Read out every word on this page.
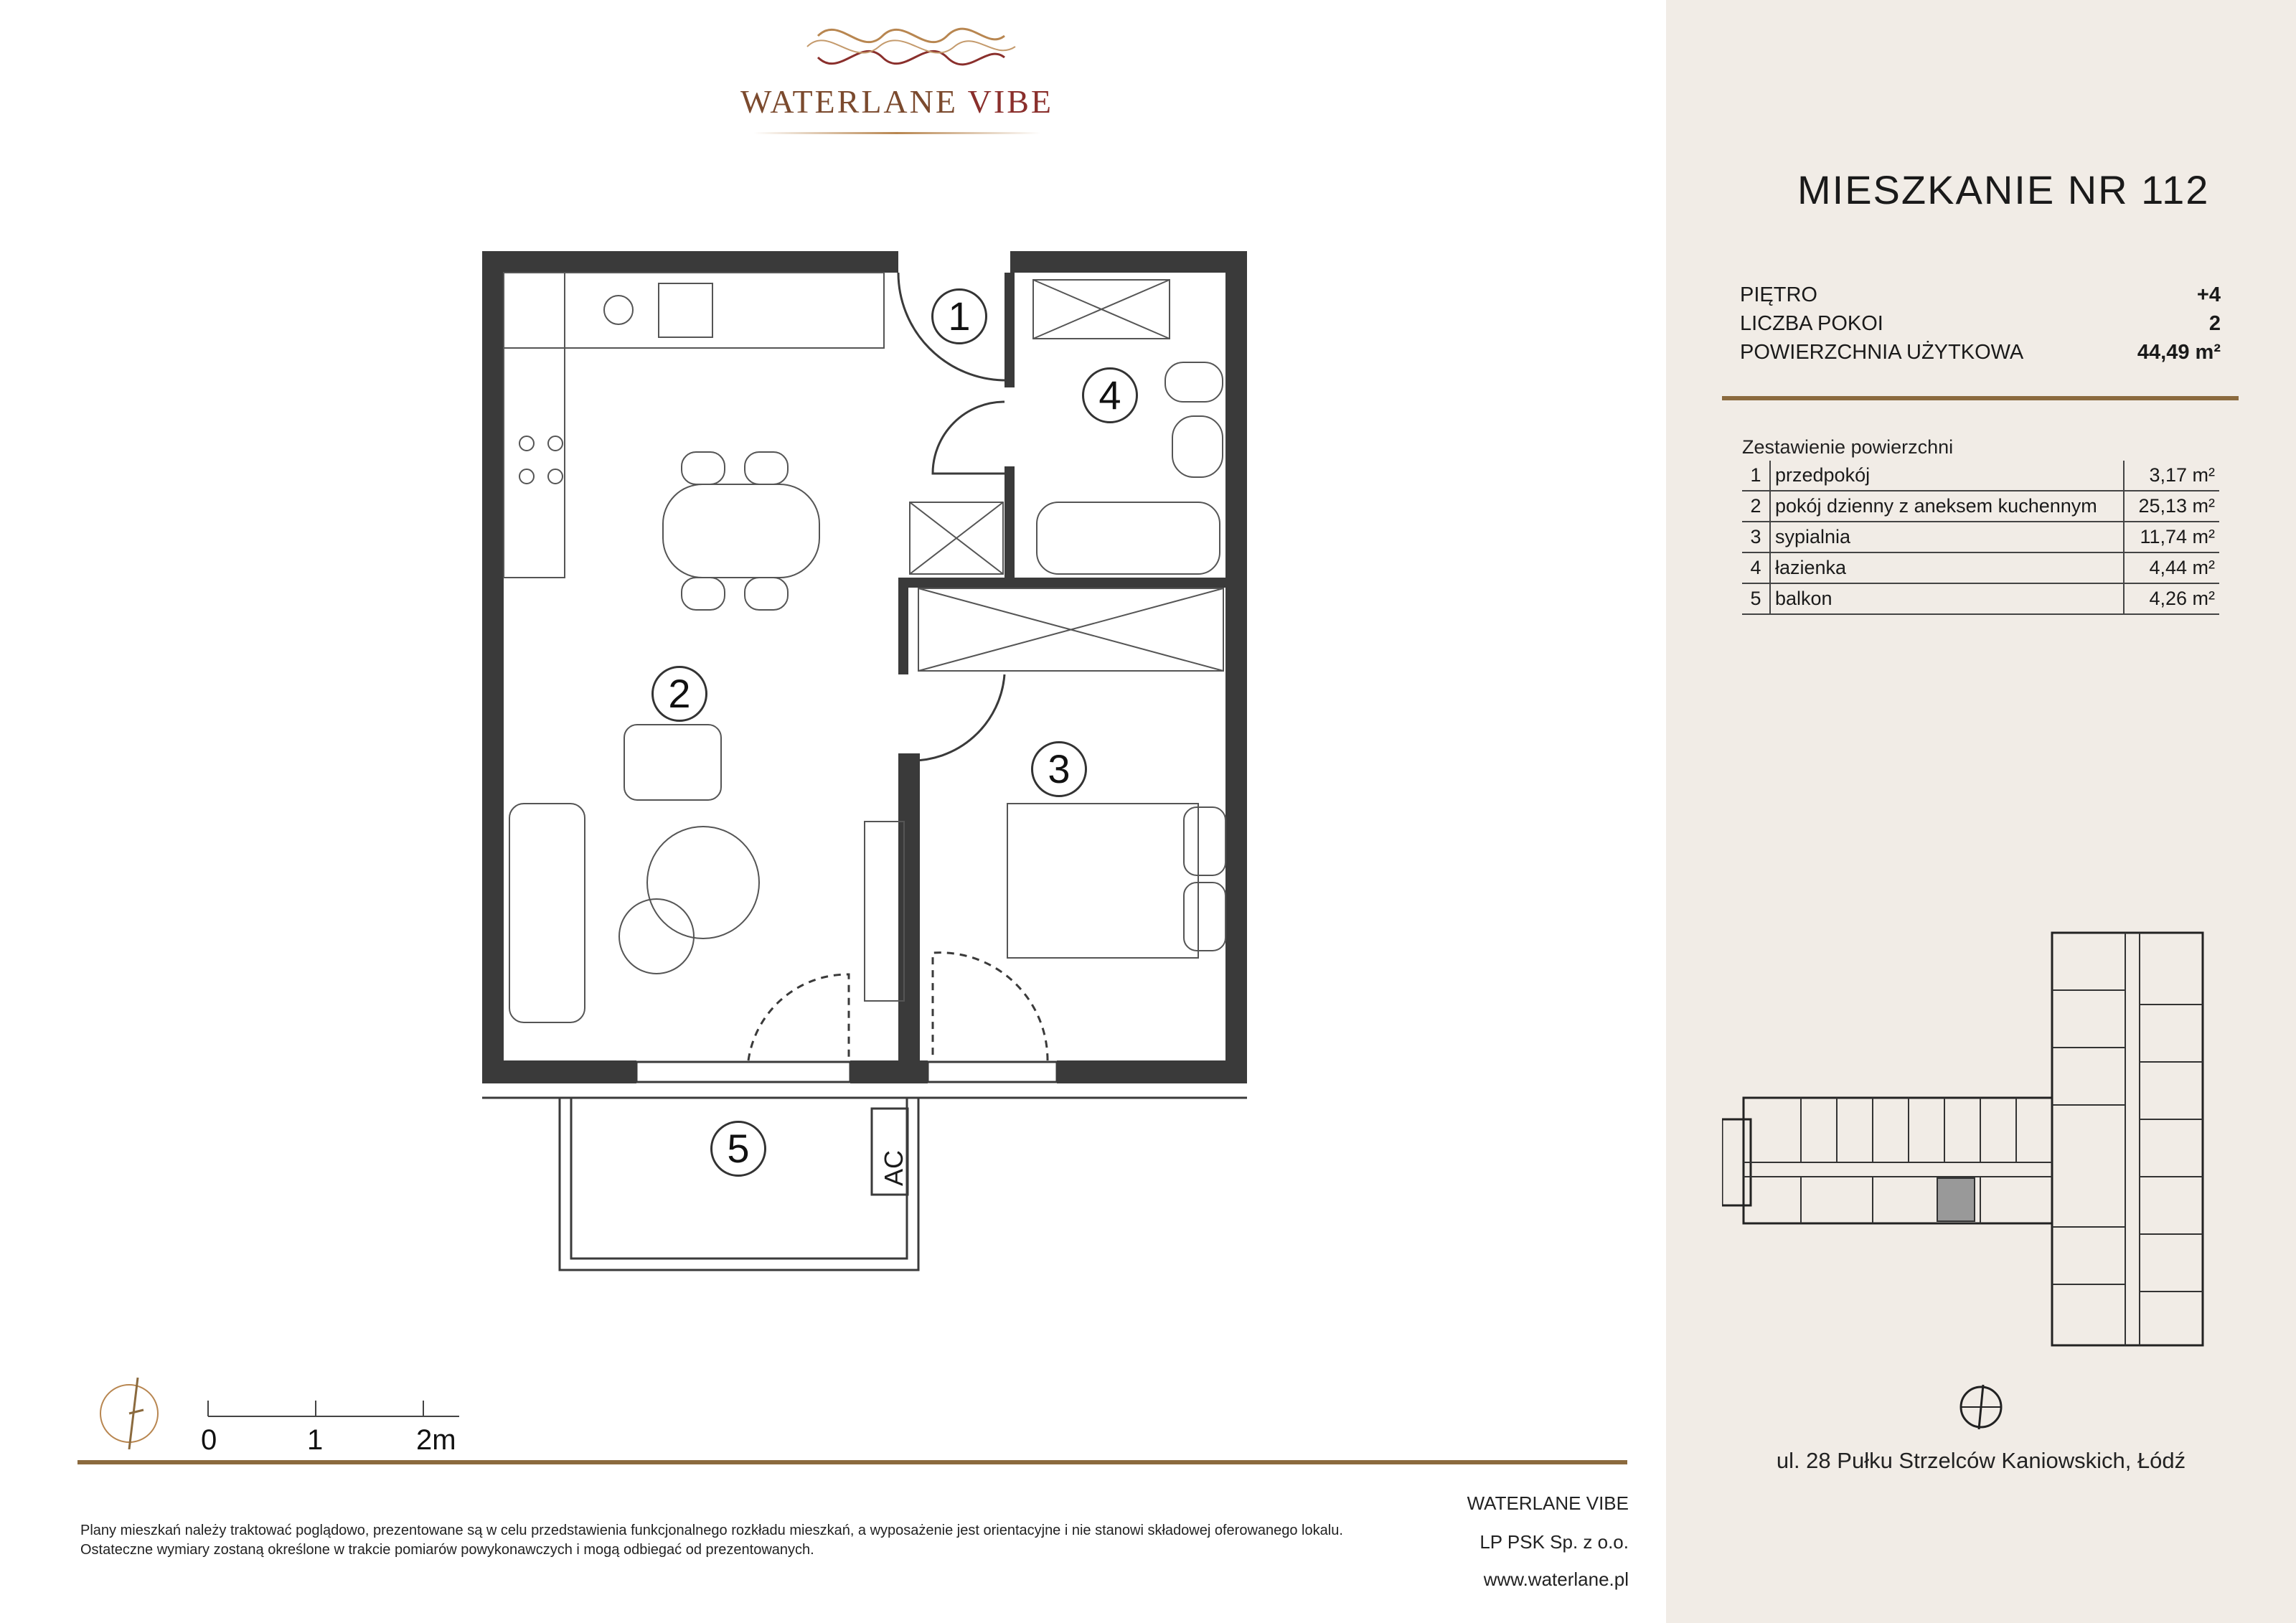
WATERLANE VIBE
1
2
3
4
5	AC
0	1	2m
Plany mieszkań należy traktować poglądowo, prezentowane są w celu przedstawienia funkcjonalnego rozkładu mieszkań, a wyposażenie jest orientacyjne i nie stanowi składowej oferowanego lokalu.
Ostateczne wymiary zostaną określone w trakcie pomiarów powykonawczych i mogą odbiegać od prezentowanych.
WATERLANE VIBE
LP PSK Sp. z o.o.
www.waterlane.pl
MIESZKANIE NR 112
PIĘTRO	+4
LICZBA POKOI	2
POWIERZCHNIA UŻYTKOWA	44,49 m²
Zestawienie powierzchni
1	przedpokój	3,17 m²
2	pokój dzienny z aneksem kuchennym	25,13 m²
3	sypialnia	11,74 m²
4	łazienka	4,44 m²
5	balkon	4,26 m²
ul. 28 Pułku Strzelców Kaniowskich, Łódź
